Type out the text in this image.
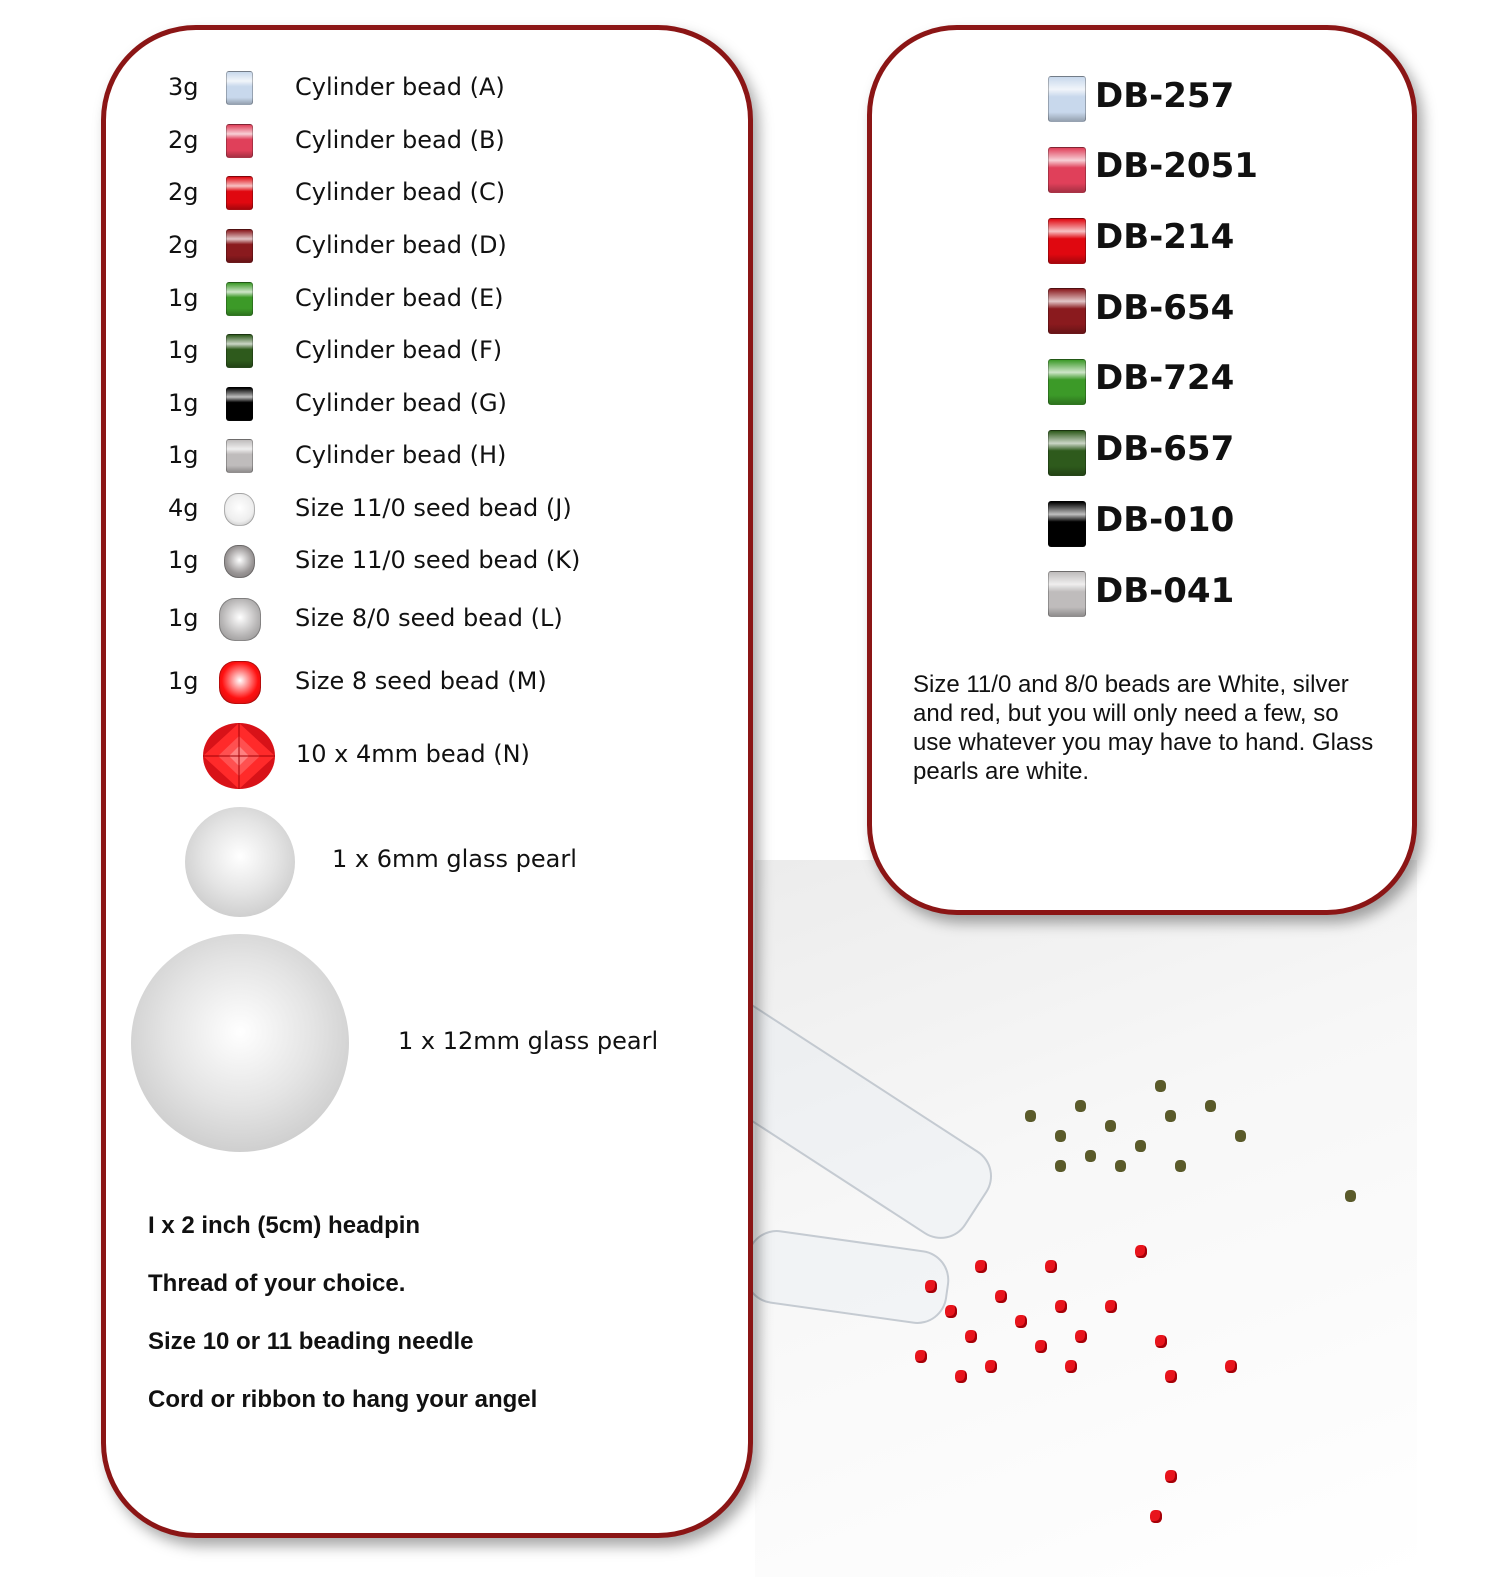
3g	Cylinder bead (A)
2g	Cylinder bead (B)
2g	Cylinder bead (C)
2g	Cylinder bead (D)
1g	Cylinder bead (E)
1g	Cylinder bead (F)
1g	Cylinder bead (G)
1g	Cylinder bead (H)
4g	Size 11/0 seed bead (J)
1g	Size 11/0 seed bead (K)
1g	Size 8/0 seed bead (L)
1g	Size 8 seed bead (M)
10 x 4mm bead (N)
1 x 6mm glass pearl
1 x 12mm glass pearl
I x 2 inch (5cm) headpin
Thread of your choice.
Size 10 or 11 beading needle
Cord or ribbon to hang your angel
DB-257
DB-2051
DB-214
DB-654
DB-724
DB-657
DB-010
DB-041
Size 11/0 and 8/0 beads are White, silver and red, but you will only need a few, so use whatever you may have to hand. Glass pearls are white.
